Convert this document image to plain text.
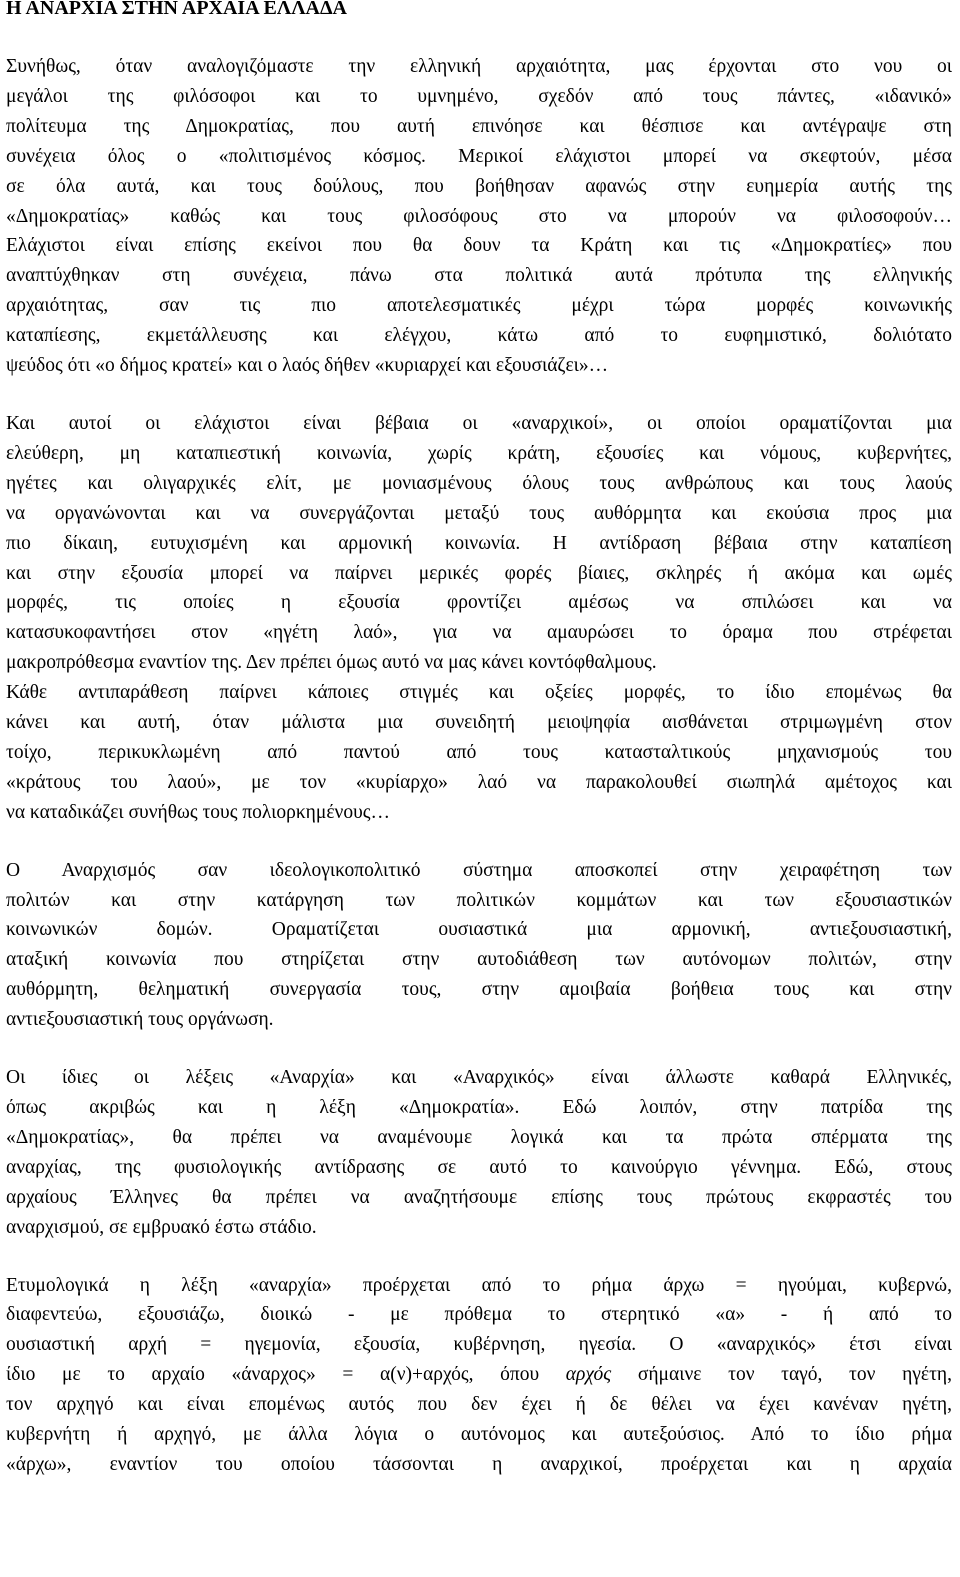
Η ΑΝΑΡΧΙΑ ΣΤΗΝ ΑΡΧΑΙΑ ΕΛΛΑΔΑ
Συνήθως, όταν αναλογιζόμαστε την ελληνική αρχαιότητα, μας έρχονται στο νου οι
μεγάλοι της φιλόσοφοι και το υμνημένο, σχεδόν από τους πάντες, «ιδανικό»
πολίτευμα της Δημοκρατίας, που αυτή επινόησε και θέσπισε και αντέγραψε στη
συνέχεια όλος ο «πολιτισμένος κόσμος. Μερικοί ελάχιστοι μπορεί να σκεφτούν, μέσα
σε όλα αυτά, και τους δούλους, που βοήθησαν αφανώς στην ευημερία αυτής της
«Δημοκρατίας» καθώς και τους φιλοσόφους στο να μπορούν να φιλοσοφούν…
Ελάχιστοι είναι επίσης εκείνοι που θα δουν τα Κράτη και τις «Δημοκρατίες» που
αναπτύχθηκαν στη συνέχεια, πάνω στα πολιτικά αυτά πρότυπα της ελληνικής
αρχαιότητας, σαν τις πιο αποτελεσματικές μέχρι τώρα μορφές κοινωνικής
καταπίεσης, εκμετάλλευσης και ελέγχου, κάτω από το ευφημιστικό, δολιότατο
ψεύδος ότι «ο δήμος κρατεί» και ο λαός δήθεν «κυριαρχεί και εξουσιάζει»…
Και αυτοί οι ελάχιστοι είναι βέβαια οι «αναρχικοί», οι οποίοι οραματίζονται μια
ελεύθερη, μη καταπιεστική κοινωνία, χωρίς κράτη, εξουσίες και νόμους, κυβερνήτες,
ηγέτες και ολιγαρχικές ελίτ, με μονιασμένους όλους τους ανθρώπους και τους λαούς
να οργανώνονται και να συνεργάζονται μεταξύ τους αυθόρμητα και εκούσια προς μια
πιο δίκαιη, ευτυχισμένη και αρμονική κοινωνία. Η αντίδραση βέβαια στην καταπίεση
και στην εξουσία μπορεί να παίρνει μερικές φορές βίαιες, σκληρές ή ακόμα και ωμές
μορφές, τις οποίες η εξουσία φροντίζει αμέσως να σπιλώσει και να
κατασυκοφαντήσει στον «ηγέτη λαό», για να αμαυρώσει το όραμα που στρέφεται
μακροπρόθεσμα εναντίον της. Δεν πρέπει όμως αυτό να μας κάνει κοντόφθαλμους.
Κάθε αντιπαράθεση παίρνει κάποιες στιγμές και οξείες μορφές, το ίδιο επομένως θα
κάνει και αυτή, όταν μάλιστα μια συνειδητή μειοψηφία αισθάνεται στριμωγμένη στον
τοίχο, περικυκλωμένη από παντού από τους κατασταλτικούς μηχανισμούς του
«κράτους του λαού», με τον «κυρίαρχο» λαό να παρακολουθεί σιωπηλά αμέτοχος και
να καταδικάζει συνήθως τους πολιορκημένους…
Ο Αναρχισμός σαν ιδεολογικοπολιτικό σύστημα αποσκοπεί στην χειραφέτηση των
πολιτών και στην κατάργηση των πολιτικών κομμάτων και των εξουσιαστικών
κοινωνικών δομών. Οραματίζεται ουσιαστικά μια αρμονική, αντιεξουσιαστική,
αταξική κοινωνία που στηρίζεται στην αυτοδιάθεση των αυτόνομων πολιτών, στην
αυθόρμητη, θεληματική συνεργασία τους, στην αμοιβαία βοήθεια τους και στην
αντιεξουσιαστική τους οργάνωση.
Οι ίδιες οι λέξεις «Αναρχία» και «Αναρχικός» είναι άλλωστε καθαρά Ελληνικές,
όπως ακριβώς και η λέξη «Δημοκρατία». Εδώ λοιπόν, στην πατρίδα της
«Δημοκρατίας», θα πρέπει να αναμένουμε λογικά και τα πρώτα σπέρματα της
αναρχίας, της φυσιολογικής αντίδρασης σε αυτό το καινούργιο γέννημα. Εδώ, στους
αρχαίους Έλληνες θα πρέπει να αναζητήσουμε επίσης τους πρώτους εκφραστές του
αναρχισμού, σε εμβρυακό έστω στάδιο.
Ετυμολογικά η λέξη «αναρχία» προέρχεται από το ρήμα άρχω = ηγούμαι, κυβερνώ,
διαφεντεύω, εξουσιάζω, διοικώ - με πρόθεμα το στερητικό «α» - ή από το
ουσιαστική αρχή = ηγεμονία, εξουσία, κυβέρνηση, ηγεσία. Ο «αναρχικός» έτσι είναι
ίδιο με το αρχαίο «άναρχος» = α(ν)+αρχός, όπου αρχός σήμαινε τον ταγό, τον ηγέτη,
τον αρχηγό και είναι επομένως αυτός που δεν έχει ή δε θέλει να έχει κανέναν ηγέτη,
κυβερνήτη ή αρχηγό, με άλλα λόγια ο αυτόνομος και αυτεξούσιος. Από το ίδιο ρήμα
«άρχω», εναντίον του οποίου τάσσονται η αναρχικοί, προέρχεται και η αρχαία
